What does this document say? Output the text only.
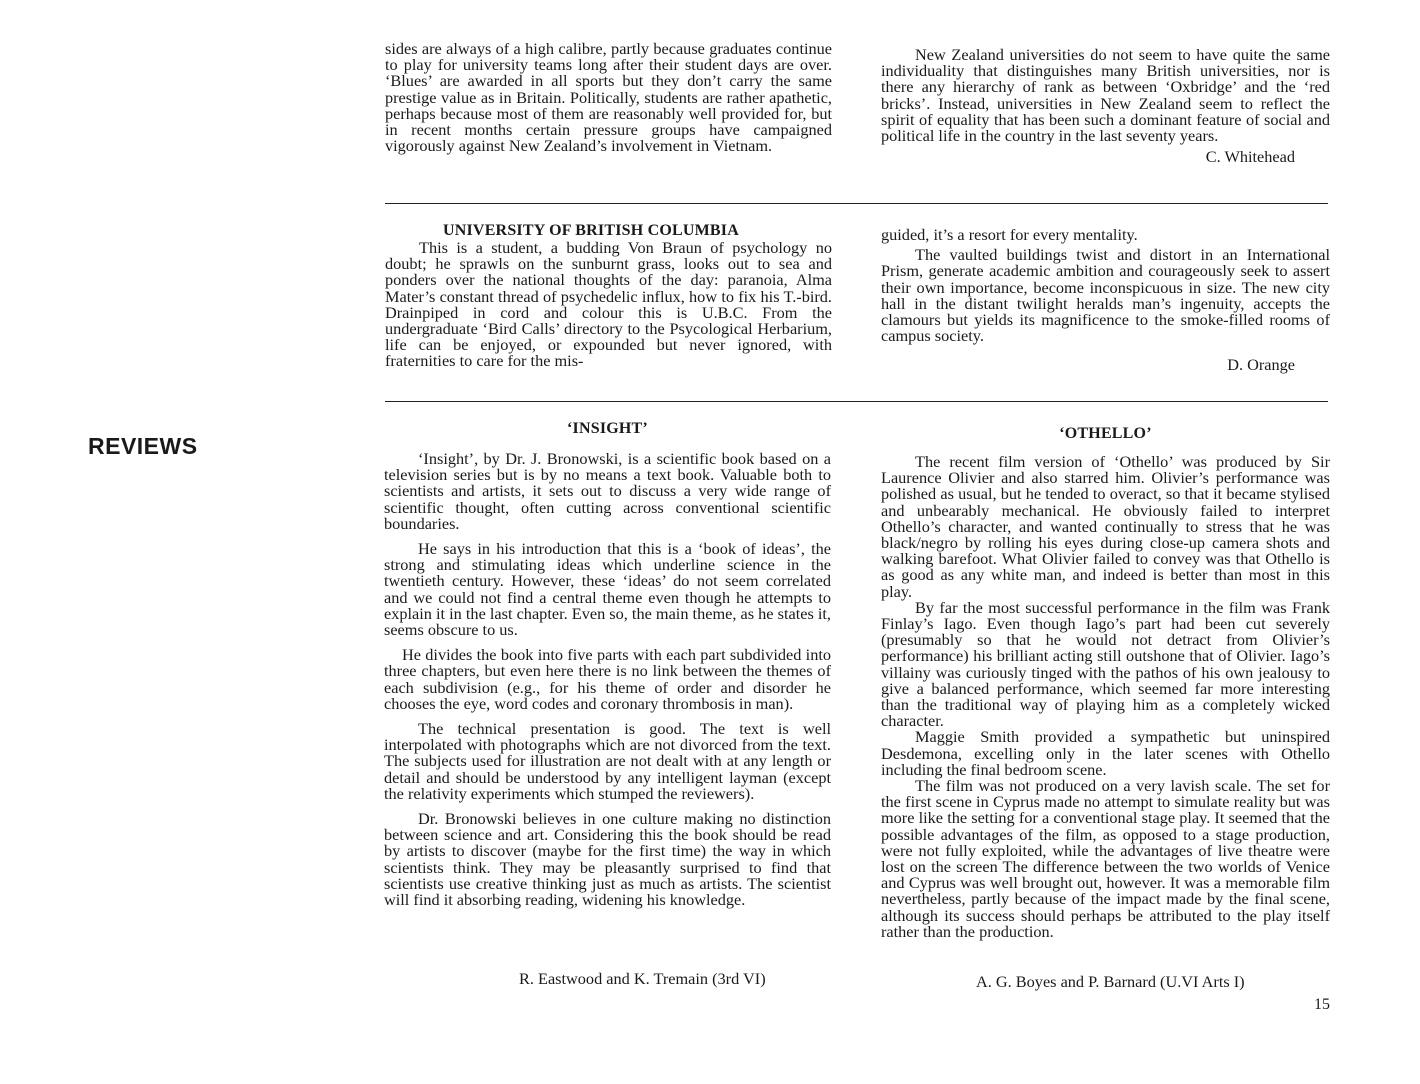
sides are always of a high calibre, partly because graduates continue to play for university teams long after their student days are over. ‘Blues’ are awarded in all sports but they don’t carry the same prestige value as in Britain. Politically, students are rather apathetic, perhaps because most of them are reasonably well provided for, but in recent months certain pressure groups have campaigned vigorously against New Zealand’s involvement in Vietnam.

New Zealand universities do not seem to have quite the same individuality that distinguishes many British universities, nor is there any hierarchy of rank as between ‘Oxbridge’ and the ‘red bricks’. Instead, universities in New Zealand seem to reflect the spirit of equality that has been such a dominant feature of social and political life in the country in the last seventy years.

C. Whitehead
UNIVERSITY OF BRITISH COLUMBIA

This is a student, a budding Von Braun of psychology no doubt; he sprawls on the sunburnt grass, looks out to sea and ponders over the national thoughts of the day: paranoia, Alma Mater’s constant thread of psychedelic influx, how to fix his T.-bird. Drainpiped in cord and colour this is U.B.C. From the undergraduate ‘Bird Calls’ directory to the Psycological Herbarium, life can be enjoyed, or expounded but never ignored, with fraternities to care for the mis-

guided, it’s a resort for every mentality.

The vaulted buildings twist and distort in an International Prism, generate academic ambition and courageously seek to assert their own importance, become inconspicuous in size. The new city hall in the distant twilight heralds man’s ingenuity, accepts the clamours but yields its magnificence to the smoke-filled rooms of campus society.

D. Orange
REVIEWS
‘INSIGHT’

‘Insight’, by Dr. J. Bronowski, is a scientific book based on a television series but is by no means a text book. Valuable both to scientists and artists, it sets out to discuss a very wide range of scientific thought, often cutting across conventional scientific boundaries.

He says in his introduction that this is a ‘book of ideas’, the strong and stimulating ideas which underline science in the twentieth century. However, these ‘ideas’ do not seem correlated and we could not find a central theme even though he attempts to explain it in the last chapter. Even so, the main theme, as he states it, seems obscure to us.

He divides the book into five parts with each part subdivided into three chapters, but even here there is no link between the themes of each subdivision (e.g., for his theme of order and disorder he chooses the eye, word codes and coronary thrombosis in man).

The technical presentation is good. The text is well interpolated with photographs which are not divorced from the text. The subjects used for illustration are not dealt with at any length or detail and should be understood by any intelligent layman (except the relativity experiments which stumped the reviewers).

Dr. Bronowski believes in one culture making no distinction between science and art. Considering this the book should be read by artists to discover (maybe for the first time) the way in which scientists think. They may be pleasantly surprised to find that scientists use creative thinking just as much as artists. The scientist will find it absorbing reading, widening his knowledge.

R. Eastwood and K. Tremain (3rd VI)
‘OTHELLO’

The recent film version of ‘Othello’ was produced by Sir Laurence Olivier and also starred him. Olivier’s performance was polished as usual, but he tended to overact, so that it became stylised and unbearably mechanical. He obviously failed to interpret Othello’s character, and wanted continually to stress that he was black/negro by rolling his eyes during close-up camera shots and walking barefoot. What Olivier failed to convey was that Othello is as good as any white man, and indeed is better than most in this play.

By far the most successful performance in the film was Frank Finlay’s Iago. Even though Iago’s part had been cut severely (presumably so that he would not detract from Olivier’s performance) his brilliant acting still outshone that of Olivier. Iago’s villainy was curiously tinged with the pathos of his own jealousy to give a balanced performance, which seemed far more interesting than the traditional way of playing him as a completely wicked character.

Maggie Smith provided a sympathetic but uninspired Desdemona, excelling only in the later scenes with Othello including the final bedroom scene.

The film was not produced on a very lavish scale. The set for the first scene in Cyprus made no attempt to simulate reality but was more like the setting for a conventional stage play. It seemed that the possible advantages of the film, as opposed to a stage production, were not fully exploited, while the advantages of live theatre were lost on the screen The difference between the two worlds of Venice and Cyprus was well brought out, however. It was a memorable film nevertheless, partly because of the impact made by the final scene, although its success should perhaps be attributed to the play itself rather than the production.

A. G. Boyes and P. Barnard (U.VI Arts I)
15
